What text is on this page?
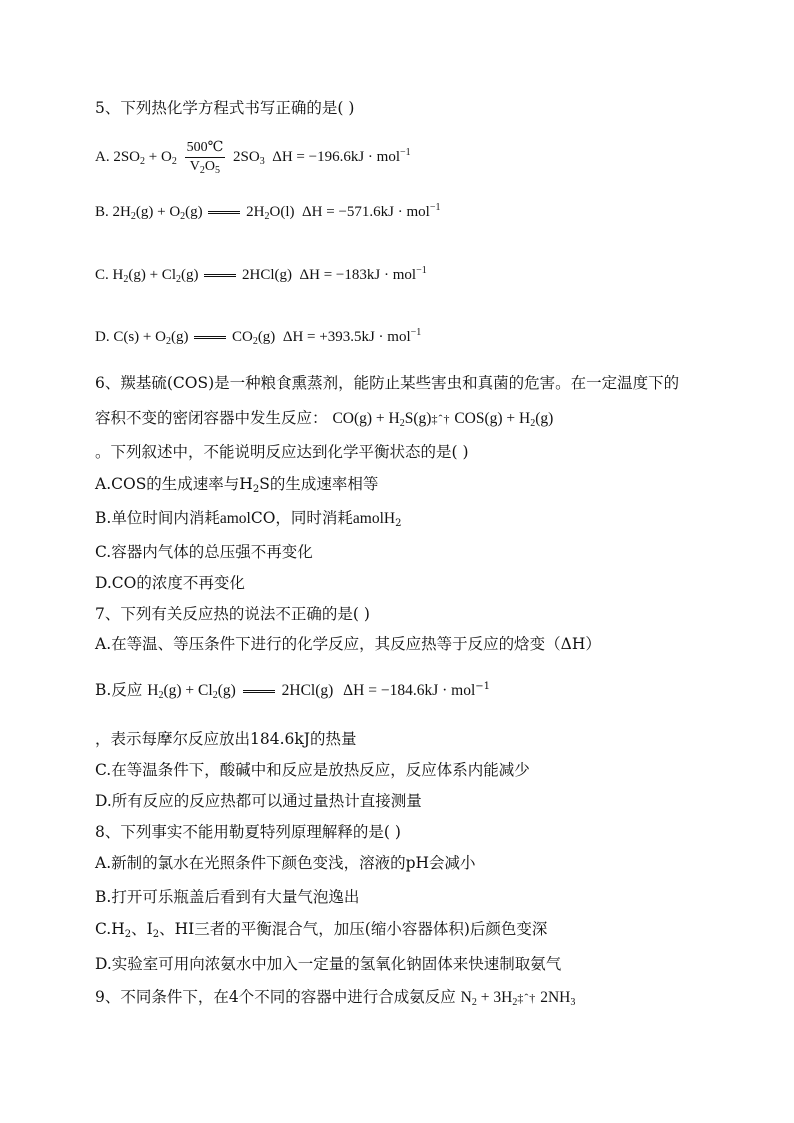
5、下列热化学方程式书写正确的是( )
A. $2SO_2 + O_2 \frac{500℃}{V_2O_5} 2SO_3$ ΔH = −196.6kJ · mol$^{-1}$
B. $2H_2(g) + O_2(g)$	$2H_2O(l) \Delta H = -571.6kJ \cdot mol^{-1}$
C. $H_2(g) + Cl_2(g)$	2HCl(g) ΔH = −183kJ · mol$^{-1}$
D. $C(s) + O_2(g)$	$CO_2(g) \Delta H = +393.5kJ \cdot mol^{-1}$
6、羰基硫(COS)是一种粮食熏蒸剂，能防止某些害虫和真菌的危害。在一定温度下的
容积不变的密闭容器中发生反应： $CO(g) + H_2S(g)\ddagger ˆ\dagger$ $COS(g) + H_2(g)$
。下列叙述中，不能说明反应达到化学平衡状态的是( )
A.COS的生成速率与$H_2S$的生成速率相等
B.单位时间内消耗amolCO，同时消耗amolH$_2$
C.容器内气体的总压强不再变化
D.CO的浓度不再变化
7、下列有关反应热的说法不正确的是( )
A.在等温、等压条件下进行的化学反应，其反应热等于反应的焓变（ΔH）
B.反应 $H_2(g) + Cl_2(g)$	2HCl(g) ΔH = −184.6kJ · mol$^{-1}$
，表示每摩尔反应放出184.6kJ的热量
C.在等温条件下，酸碱中和反应是放热反应，反应体系内能减少
D.所有反应的反应热都可以通过量热计直接测量
8、下列事实不能用勒夏特列原理解释的是( )
A.新制的氯水在光照条件下颜色变浅，溶液的pH会减小
B.打开可乐瓶盖后看到有大量气泡逸出
$C.H_2$、$I_2$、HI三者的平衡混合气，加压(缩小容器体积)后颜色变深
D.实验室可用向浓氨水中加入一定量的氢氧化钠固体来快速制取氨气
9、不同条件下，在4个不同的容器中进行合成氨反应 $N_2$ + $3H_2\ddagger ˆ\dagger$ $2NH_3$
